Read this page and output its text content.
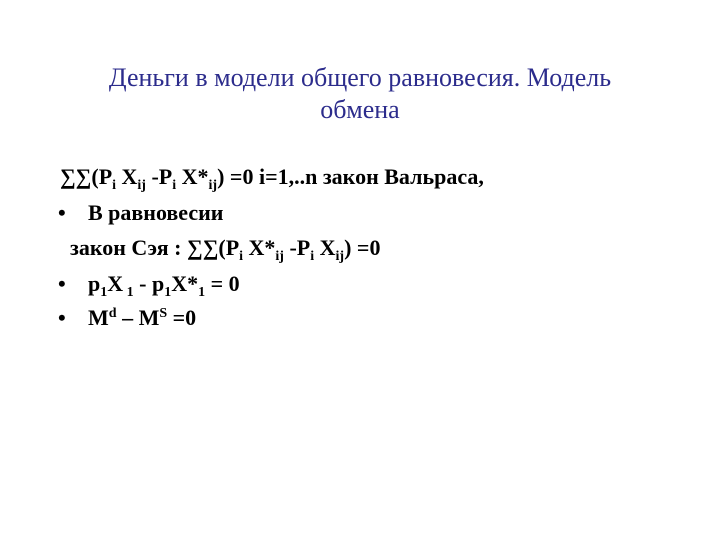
Деньги в модели общего равновесия. Модель
обмена
$\sum\sum(P_i$ $X_{ij}$ $-P_i$ $X*_{ij}) =0$ i=1,..n закон Вальраса,
• В равновесии
закон Сэя : $\sum\sum(P_i$ $X*_{ij}$ $-P_i$ $X_{ij}) =0$
• $p_1X$ $_1 - p_1X*_1 = 0$
• $M^d - M^S =0$
